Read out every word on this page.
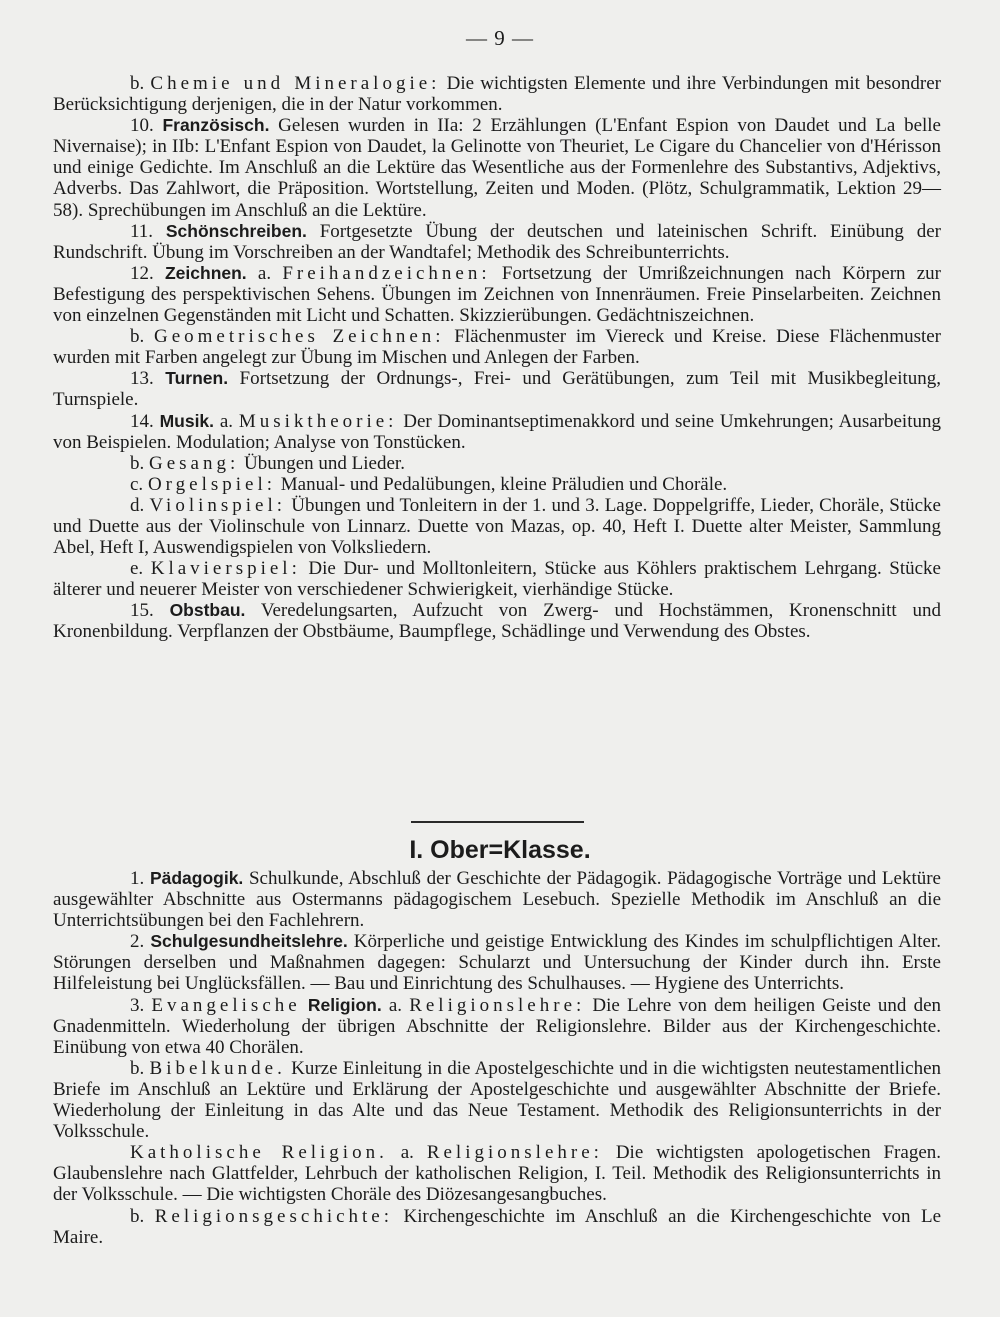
— 9 —

b. Chemie und Mineralogie: Die wichtigsten Elemente und ihre Verbindungen mit besondrer Berücksichtigung derjenigen, die in der Natur vorkommen.

10. Französisch. Gelesen wurden in IIa: 2 Erzählungen (L'Enfant Espion von Daudet und La belle Nivernaise); in IIb: L'Enfant Espion von Daudet, la Gelinotte von Theuriet, Le Cigare du Chancelier von d'Hérisson und einige Gedichte. Im Anschluß an die Lektüre das Wesentliche aus der Formenlehre des Substantivs, Adjektivs, Adverbs. Das Zahlwort, die Präposition. Wortstellung, Zeiten und Moden. (Plötz, Schulgrammatik, Lektion 29—58). Sprechübungen im Anschluß an die Lektüre.

11. Schönschreiben. Fortgesetzte Übung der deutschen und lateinischen Schrift. Einübung der Rundschrift. Übung im Vorschreiben an der Wandtafel; Methodik des Schreibunterrichts.

12. Zeichnen. a. Freihandzeichnen: Fortsetzung der Umrißzeichnungen nach Körpern zur Befestigung des perspektivischen Sehens. Übungen im Zeichnen von Innenräumen. Freie Pinselarbeiten. Zeichnen von einzelnen Gegenständen mit Licht und Schatten. Skizzierübungen. Gedächtniszeichnen.

b. Geometrisches Zeichnen: Flächenmuster im Viereck und Kreise. Diese Flächenmuster wurden mit Farben angelegt zur Übung im Mischen und Anlegen der Farben.

13. Turnen. Fortsetzung der Ordnungs-, Frei- und Gerätübungen, zum Teil mit Musikbegleitung, Turnspiele.

14. Musik. a. Musiktheorie: Der Dominantseptimenakkord und seine Umkehrungen; Ausarbeitung von Beispielen. Modulation; Analyse von Tonstücken.

b. Gesang: Übungen und Lieder.

c. Orgelspiel: Manual- und Pedalübungen, kleine Präludien und Choräle.

d. Violinspiel: Übungen und Tonleitern in der 1. und 3. Lage. Doppelgriffe, Lieder, Choräle, Stücke und Duette aus der Violinschule von Linnarz. Duette von Mazas, op. 40, Heft I. Duette alter Meister, Sammlung Abel, Heft I, Auswendigspielen von Volksliedern.

e. Klavierspiel: Die Dur- und Molltonleitern, Stücke aus Köhlers praktischem Lehrgang. Stücke älterer und neuerer Meister von verschiedener Schwierigkeit, vierhändige Stücke.

15. Obstbau. Veredelungsarten, Aufzucht von Zwerg- und Hochstämmen, Kronenschnitt und Kronenbildung. Verpflanzen der Obstbäume, Baumpflege, Schädlinge und Verwendung des Obstes.

I. Ober=Klasse.

1. Pädagogik. Schulkunde, Abschluß der Geschichte der Pädagogik. Pädagogische Vorträge und Lektüre ausgewählter Abschnitte aus Ostermanns pädagogischem Lesebuch. Spezielle Methodik im Anschluß an die Unterrichtsübungen bei den Fachlehrern.

2. Schulgesundheitslehre. Körperliche und geistige Entwicklung des Kindes im schulpflichtigen Alter. Störungen derselben und Maßnahmen dagegen: Schularzt und Untersuchung der Kinder durch ihn. Erste Hilfeleistung bei Unglücksfällen. — Bau und Einrichtung des Schulhauses. — Hygiene des Unterrichts.

3. Evangelische Religion. a. Religionslehre: Die Lehre von dem heiligen Geiste und den Gnadenmitteln. Wiederholung der übrigen Abschnitte der Religionslehre. Bilder aus der Kirchengeschichte. Einübung von etwa 40 Chorälen.

b. Bibelkunde. Kurze Einleitung in die Apostelgeschichte und in die wichtigsten neutestamentlichen Briefe im Anschluß an Lektüre und Erklärung der Apostelgeschichte und ausgewählter Abschnitte der Briefe. Wiederholung der Einleitung in das Alte und das Neue Testament. Methodik des Religionsunterrichts in der Volksschule.

Katholische Religion. a. Religionslehre: Die wichtigsten apologetischen Fragen. Glaubenslehre nach Glattfelder, Lehrbuch der katholischen Religion, I. Teil. Methodik des Religionsunterrichts in der Volksschule. — Die wichtigsten Choräle des Diözesangesangbuches.

b. Religionsgeschichte: Kirchengeschichte im Anschluß an die Kirchengeschichte von Le Maire.
